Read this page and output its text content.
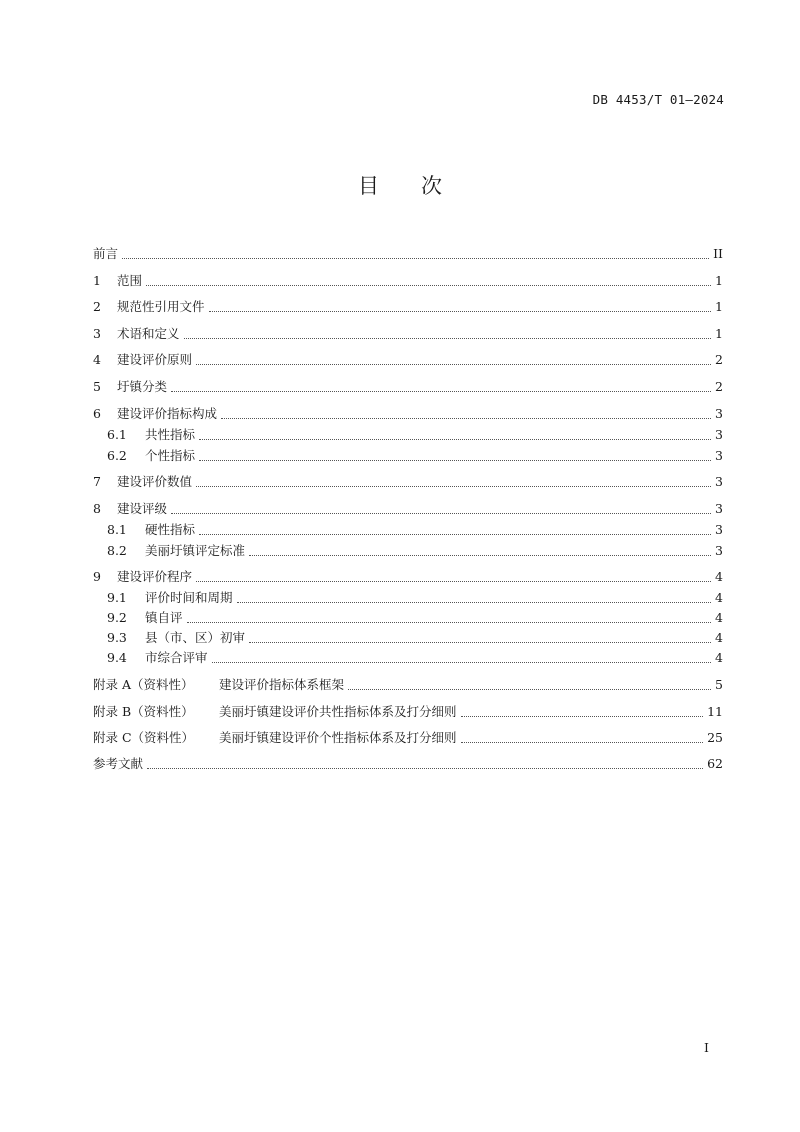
DB 4453/T 01—2024
目 次
前言	II
1	范围	1
2	规范性引用文件	1
3	术语和定义	1
4	建设评价原则	2
5	圩镇分类	2
6	建设评价指标构成	3
6.1	共性指标	3
6.2	个性指标	3
7	建设评价数值	3
8	建设评级	3
8.1	硬性指标	3
8.2	美丽圩镇评定标准	3
9	建设评价程序	4
9.1	评价时间和周期	4
9.2	镇自评	4
9.3	县（市、区）初审	4
9.4	市综合评审	4
附录 A（资料性）	建设评价指标体系框架	5
附录 B（资料性）	美丽圩镇建设评价共性指标体系及打分细则	11
附录 C（资料性）	美丽圩镇建设评价个性指标体系及打分细则	25
参考文献	62
I
